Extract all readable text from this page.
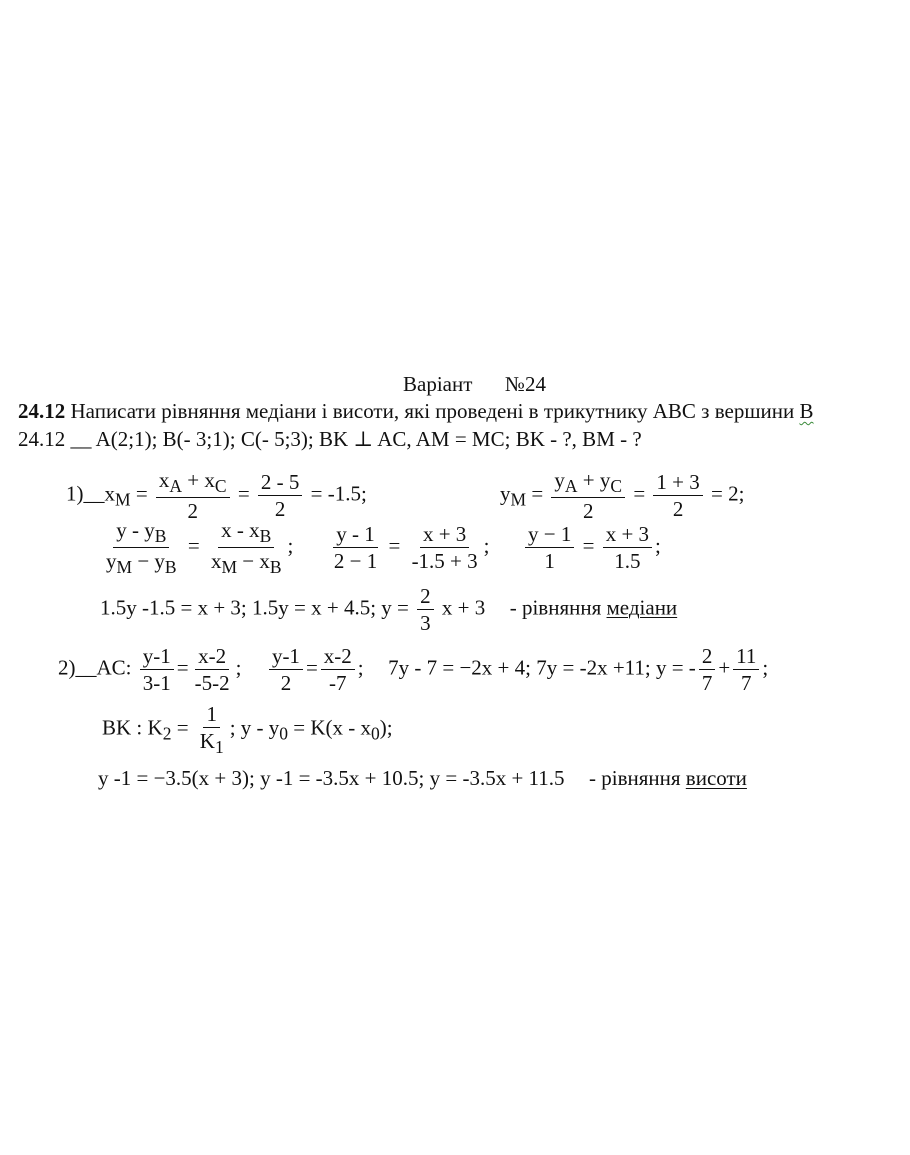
Варіант №24
24.12 Написати рівняння медіани і висоти, які проведені в трикутнику АВС з вершини В
24.12 __ A(2;1); B(- 3;1); C(- 5;3); BK ⊥ AC, AM = MC; BK - ?, BM - ?
$1)\_\_x_M = \frac{x_A + x_C}{2} = \frac{2 - 5}{2} = -1.5$;	$y_M = \frac{y_A + y_C}{2} = \frac{1 + 3}{2} = 2$;
$\frac{y - y_B}{y_M - y_B} = \frac{x - x_B}{x_M - x_B}$ ; $\frac{y - 1}{2 - 1} = \frac{x + 3}{-1.5 + 3}$ ; $\frac{y - 1}{1} = \frac{x + 3}{1.5}$ ;
1.5y -1.5 = x + 3; 1.5y = x + 4.5; $y = \frac{2}{3}$ x + 3 - рівняння медіани
2)__AC: $\frac{y-1}{3-1} = \frac{x-2}{-5-2}$ ; $\frac{y-1}{2} = \frac{x-2}{-7}$ ;  7y - 7 = −2x + 4; 7y = -2x +11; y = - $\frac{2}{7} + \frac{11}{7}$ ;
BK : $K_2 = \frac{1}{K_1}$ ; $y - y_0 = K(x - x_0)$;
y -1 = −3.5(x + 3); y -1 = -3.5x + 10.5; y = -3.5x + 11.5 - рівняння висоти
